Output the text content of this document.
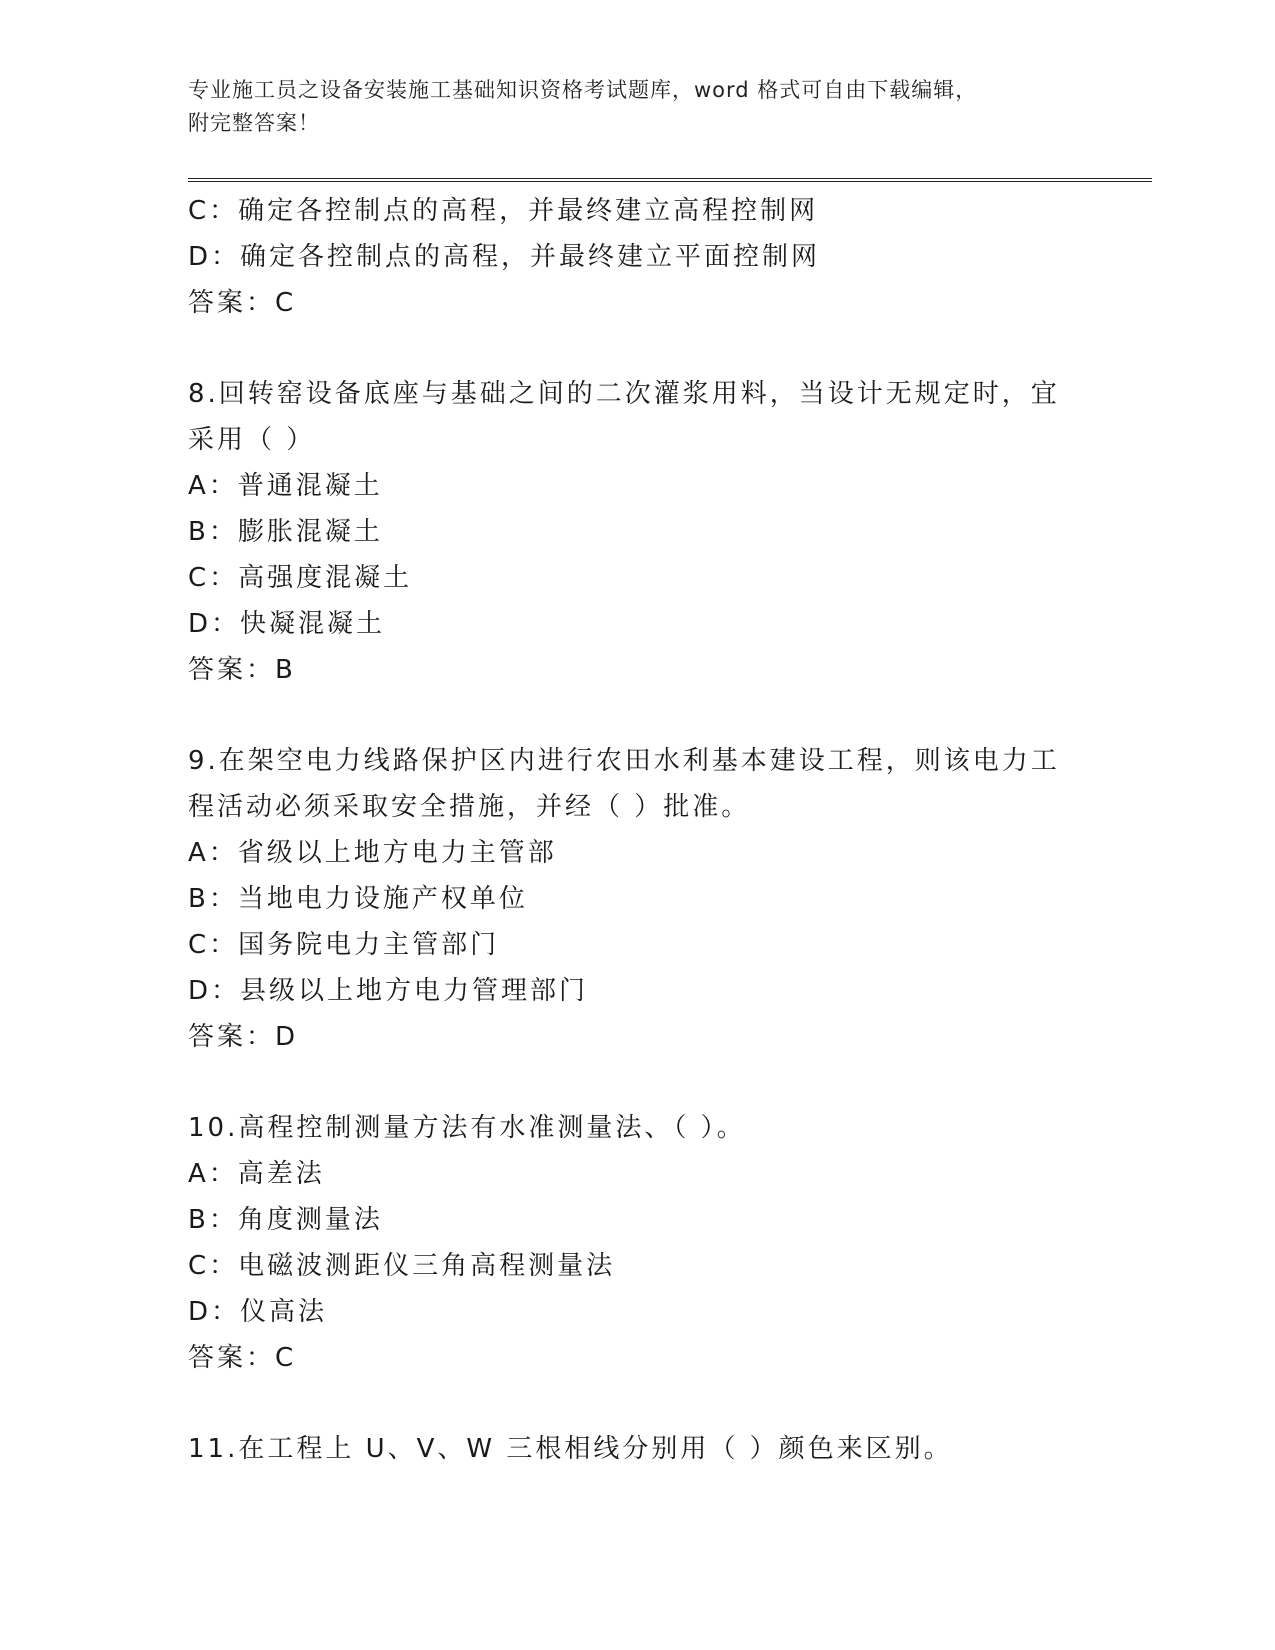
专业施工员之设备安装施工基础知识资格考试题库，word 格式可自由下载编辑，
附完整答案！
C：确定各控制点的高程，并最终建立高程控制网
D：确定各控制点的高程，并最终建立平面控制网
答案：C
8.回转窑设备底座与基础之间的二次灌浆用料，当设计无规定时，宜
采用（ ）
A：普通混凝土
B：膨胀混凝土
C：高强度混凝土
D：快凝混凝土
答案：B
9.在架空电力线路保护区内进行农田水利基本建设工程，则该电力工
程活动必须采取安全措施，并经（ ）批准。
A：省级以上地方电力主管部
B：当地电力设施产权单位
C：国务院电力主管部门
D：县级以上地方电力管理部门
答案：D
10.高程控制测量方法有水准测量法、（ ）。
A：高差法
B：角度测量法
C：电磁波测距仪三角高程测量法
D：仪高法
答案：C
11.在工程上 U、V、W 三根相线分别用（ ）颜色来区别。
